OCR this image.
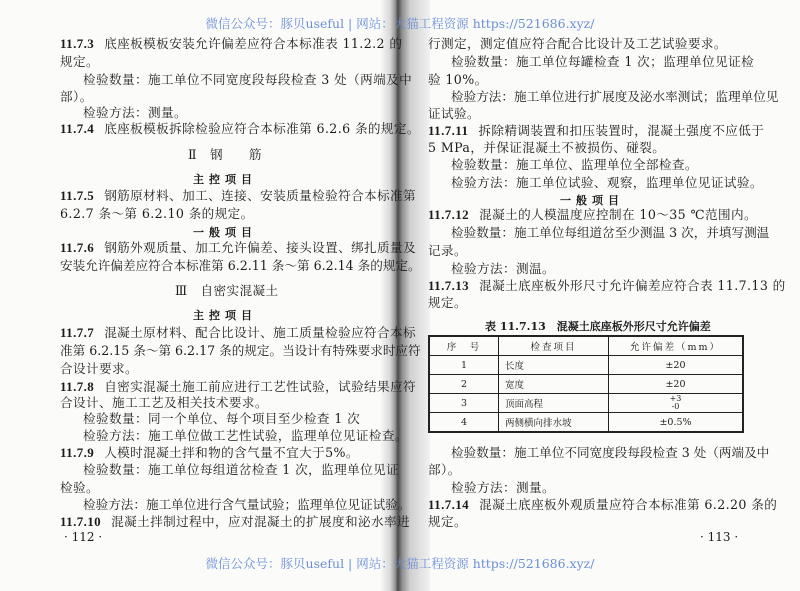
微信公众号：豚贝useful | 网站：大猫工程资源 https://521686.xyz/
微信公众号：豚贝useful | 网站：大猫工程资源 https://521686.xyz/
11.7.3 底座板模板安装允许偏差应符合本标准表 11.2.2 的
规定。
检验数量：施工单位不同宽度段每段检查 3 处（两端及中
部）。
检验方法：测量。
11.7.4 底座板模板拆除检验应符合本标准第 6.2.6 条的规定。
Ⅱ　钢　　筋
主控项目
11.7.5 钢筋原材料、加工、连接、安装质量检验符合本标准第
6.2.7 条～第 6.2.10 条的规定。
一般项目
11.7.6 钢筋外观质量、加工允许偏差、接头设置、绑扎质量及
安装允许偏差应符合本标准第 6.2.11 条～第 6.2.14 条的规定。
Ⅲ　自密实混凝土
主控项目
11.7.7 混凝土原材料、配合比设计、施工质量检验应符合本标
准第 6.2.15 条～第 6.2.17 条的规定。当设计有特殊要求时应符
合设计要求。
11.7.8 自密实混凝土施工前应进行工艺性试验，试验结果应符
合设计、施工工艺及相关技术要求。
检验数量：同一个单位、每个项目至少检查 1 次
检验方法：施工单位做工艺性试验，监理单位见证检查。
11.7.9 人模时混凝土拌和物的含气量不宜大于5%。
检验数量：施工单位每组道岔检查 1 次，监理单位见证
检验。
检验方法：施工单位进行含气量试验；监理单位见证试验。
11.7.10 混凝土拌制过程中，应对混凝土的扩展度和泌水率进
· 112 ·
行测定，测定值应符合配合比设计及工艺试验要求。
检验数量：施工单位每罐检查 1 次；监理单位见证检
验 10%。
检验方法：施工单位进行扩展度及泌水率测试；监理单位见
证试验。
11.7.11 拆除精调装置和扣压装置时，混凝土强度不应低于
5 MPa，并保证混凝土不被损伤、碰裂。
检验数量：施工单位、监理单位全部检查。
检验方法：施工单位试验、观察，监理单位见证试验。
一般项目
11.7.12 混凝土的人模温度应控制在 10～35 ℃范围内。
检验数量：施工单位每组道岔至少测温 3 次，并填写测温
记录。
检验方法：测温。
11.7.13 混凝土底座板外形尺寸允许偏差应符合表 11.7.13 的
规定。
表 11.7.13　混凝土底座板外形尺寸允许偏差
序　号	检查项目	允许偏差（mm）
1	长度	±20
2	宽度	±20
3	顶面高程	+3
-0
4	两侧横向排水坡	±0.5%
检验数量：施工单位不同宽度段每段检查 3 处（两端及中
部）。
检验方法：测量。
11.7.14 混凝土底座板外观质量应符合本标准第 6.2.20 条的
规定。
· 113 ·
